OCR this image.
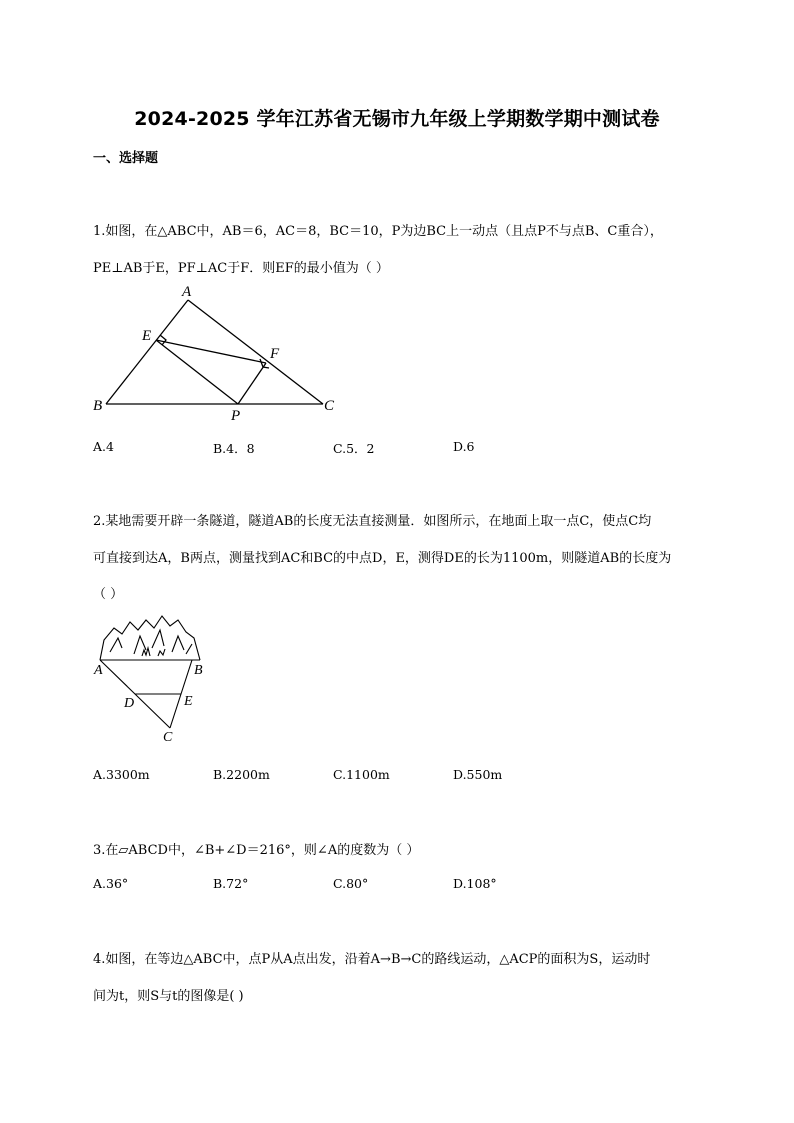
2024-2025 学年江苏省无锡市九年级上学期数学期中测试卷
一、选择题
1.如图，在△ABC中，AB＝6，AC＝8，BC＝10，P为边BC上一动点（且点P不与点B、C重合），
PE⊥AB于E，PF⊥AC于F．则EF的最小值为（ ）
A
B	C
E
F
P
A.4	B.4．8	C.5．2	D.6
2.某地需要开辟一条隧道，隧道AB的长度无法直接测量．如图所示，在地面上取一点C，使点C均
可直接到达A，B两点，测量找到AC和BC的中点D，E，测得DE的长为1100m，则隧道AB的长度为
（ ）
A	B
C
D	E
A.3300m	B.2200m	C.1100m	D.550m
3.在▱ABCD中，∠B+∠D＝216°，则∠A的度数为（ ）
A.36°	B.72°	C.80°	D.108°
4.如图，在等边△ABC中，点P从A点出发，沿着A→B→C的路线运动，△ACP的面积为S，运动时
间为t，则S与t的图像是( )
